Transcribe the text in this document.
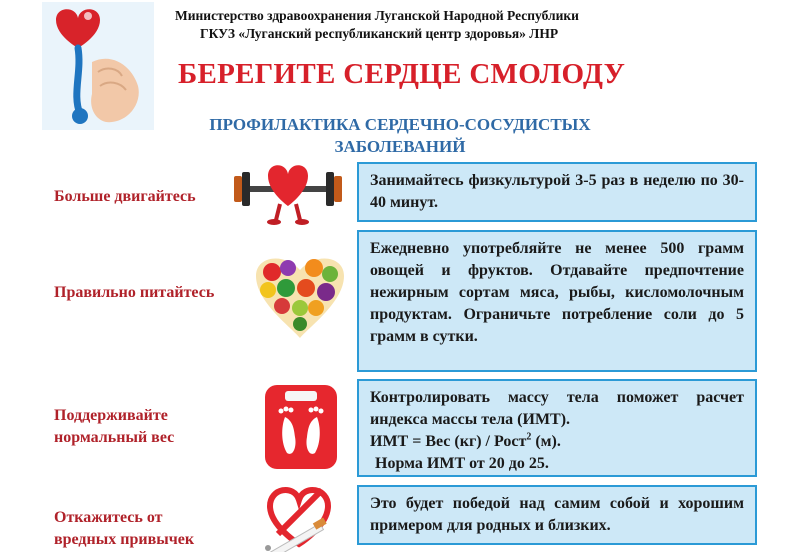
Министерство здравоохранения Луганской Народной Республики
ГКУЗ «Луганский республиканский центр здоровья» ЛНР
БЕРЕГИТЕ СЕРДЦЕ СМОЛОДУ
ПРОФИЛАКТИКА СЕРДЕЧНО-СОСУДИСТЫХ ЗАБОЛЕВАНИЙ
Больше двигайтесь

Занимайтесь физкультурой 3-5 раз в неделю по 30-40 минут.

Правильно питайтесь

Ежедневно употребляйте не менее 500 грамм овощей и фруктов. Отдавайте предпочтение нежирным сортам мяса, рыбы, кисломолочным продуктам. Ограничьте потребление соли до 5 грамм в сутки.

Поддерживайте нормальный вес

Контролировать массу тела поможет расчет индекса массы тела (ИМТ).

ИМТ = Вес (кг) / Рост$^2$ (м).

Норма ИМТ от 20 до 25.

Откажитесь от вредных привычек

Это будет победой над самим собой и хорошим примером для родных и близких.
